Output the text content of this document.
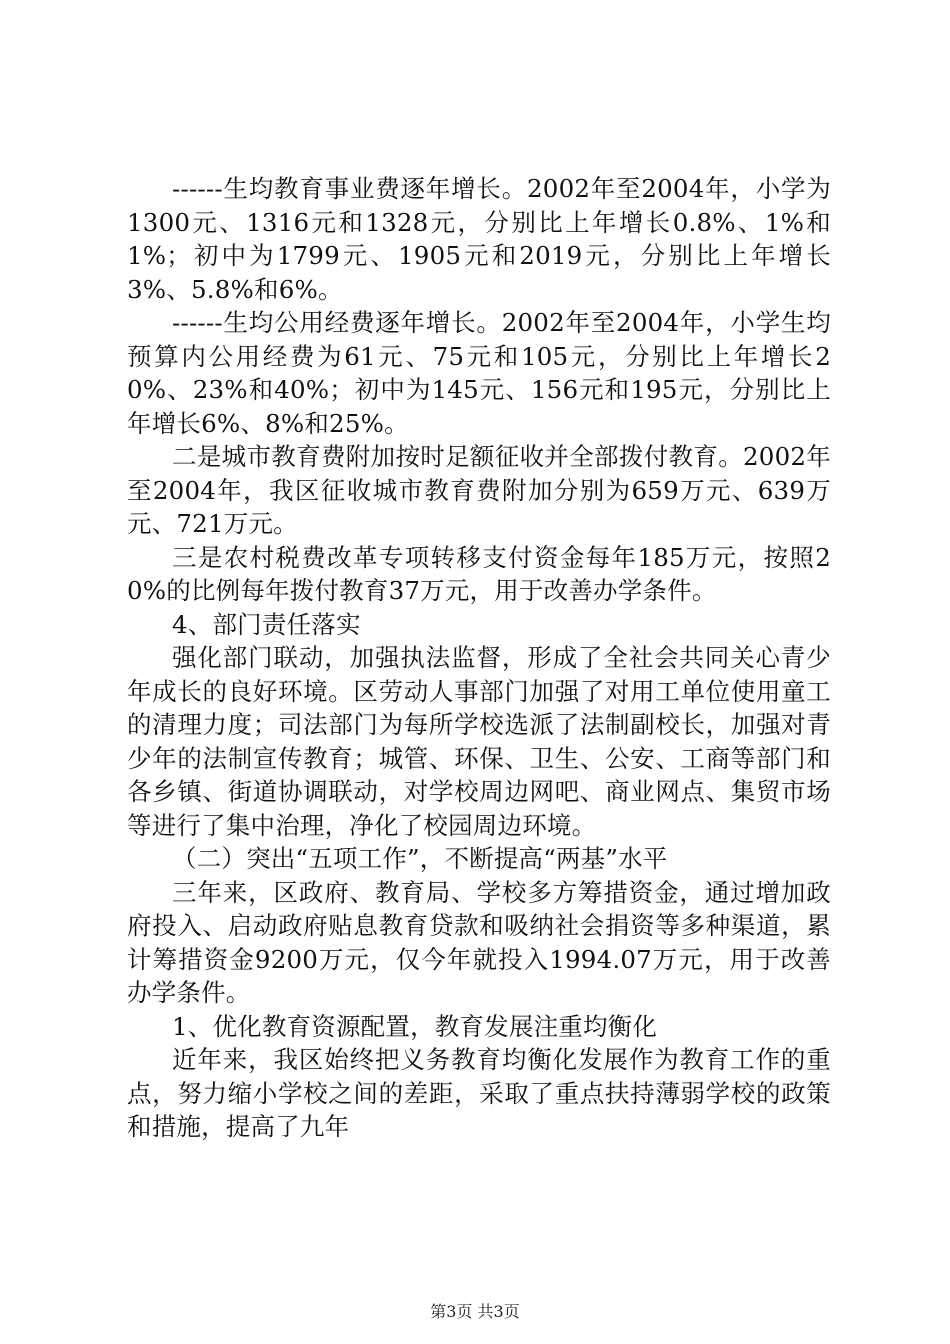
------生均教育事业费逐年增长。2002年至2004年，小学为1300元、1316元和1328元，分别比上年增长0.8%、1%和1%；初中为1799元、1905元和2019元，分别比上年增长3%、5.8%和6%。

------生均公用经费逐年增长。2002年至2004年，小学生均预算内公用经费为61元、75元和105元，分别比上年增长20%、23%和40%；初中为145元、156元和195元，分别比上年增长6%、8%和25%。

二是城市教育费附加按时足额征收并全部拨付教育。2002年至2004年，我区征收城市教育费附加分别为659万元、639万元、721万元。

三是农村税费改革专项转移支付资金每年185万元，按照20%的比例每年拨付教育37万元，用于改善办学条件。

4、部门责任落实

强化部门联动，加强执法监督，形成了全社会共同关心青少年成长的良好环境。区劳动人事部门加强了对用工单位使用童工的清理力度；司法部门为每所学校选派了法制副校长，加强对青少年的法制宣传教育；城管、环保、卫生、公安、工商等部门和各乡镇、街道协调联动，对学校周边网吧、商业网点、集贸市场等进行了集中治理，净化了校园周边环境。

（二）突出“五项工作”，不断提高“两基”水平

三年来，区政府、教育局、学校多方筹措资金，通过增加政府投入、启动政府贴息教育贷款和吸纳社会捐资等多种渠道，累计筹措资金9200万元，仅今年就投入1994.07万元，用于改善办学条件。

1、优化教育资源配置，教育发展注重均衡化

近年来，我区始终把义务教育均衡化发展作为教育工作的重点，努力缩小学校之间的差距，采取了重点扶持薄弱学校的政策和措施，提高了九年

第3页 共3页
